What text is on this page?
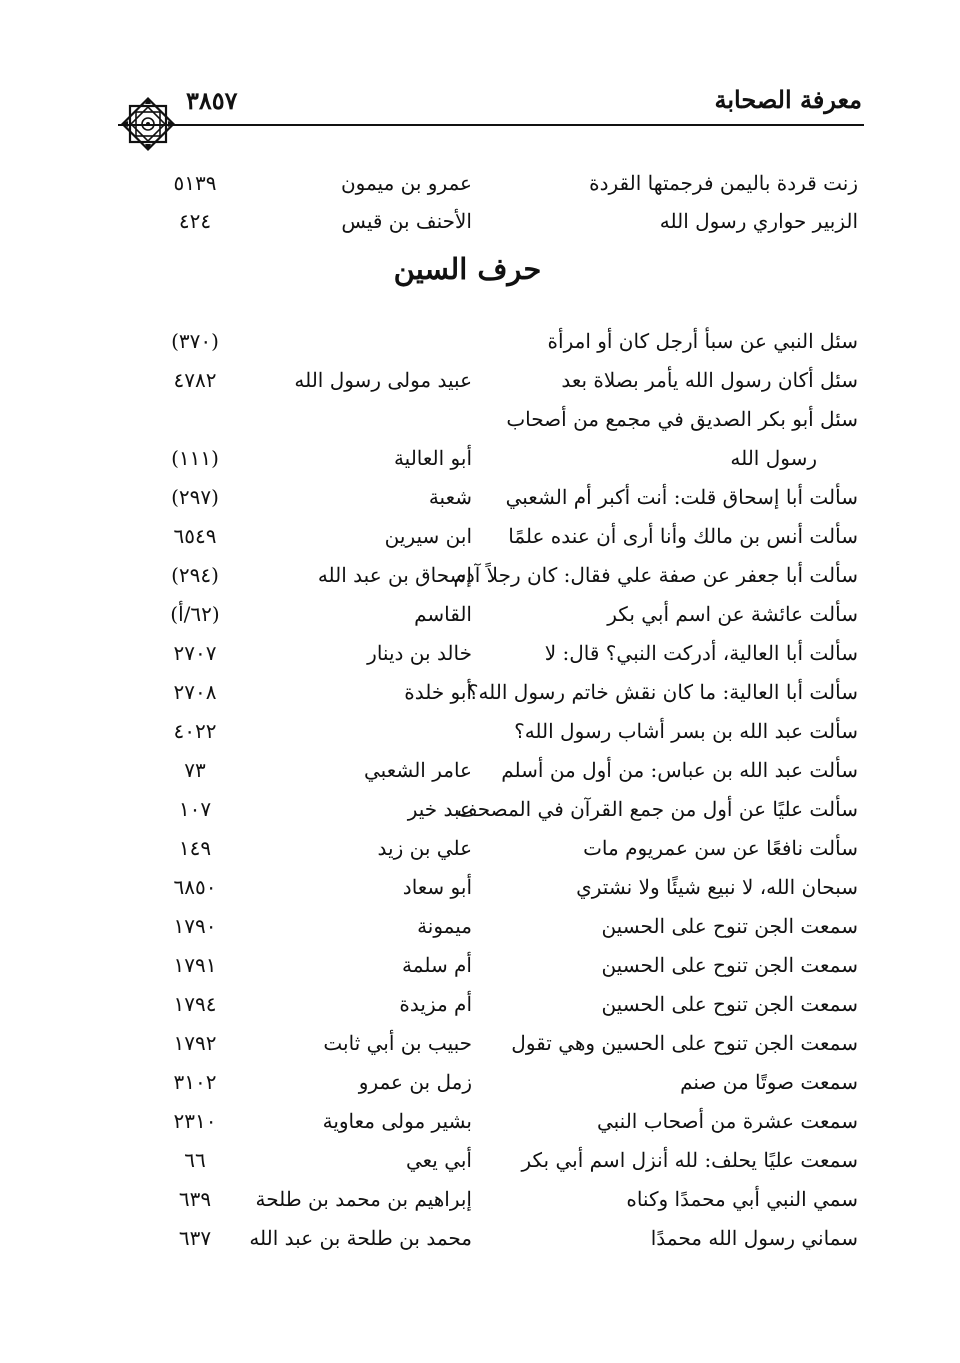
معرفة الصحابة
٣٨٥٧
زنت قردة باليمن فرجمتها القردة
عمرو بن ميمون
٥١٣٩
الزبير حواري رسول الله
الأحنف بن قيس
٤٢٤
حرف السين
سئل النبي عن سبأ أرجل كان أو امرأة
(٣٧٠)
سئل أكان رسول الله يأمر بصلاة بعد
عبيد مولى رسول الله
٤٧٨٢
سئل أبو بكر الصديق في مجمع من أصحاب
رسول الله
أبو العالية
(١١١)
سألت أبا إسحاق قلت: أنت أكبر أم الشعبي
شعبة
(٢٩٧)
سألت أنس بن مالك وأنا أرى أن عنده علمًا
ابن سيرين
٦٥٤٩
سألت أبا جعفر عن صفة علي فقال: كان رجلاً آدم
إسحاق بن عبد الله
(٢٩٤)
سألت عائشة عن اسم أبي بكر
القاسم
(٦٢/أ)
سألت أبا العالية، أدركت النبي؟ قال: لا
خالد بن دينار
٢٧٠٧
سألت أبا العالية: ما كان نقش خاتم رسول الله؟
أبو خلدة
٢٧٠٨
سألت عبد الله بن بسر أشاب رسول الله؟
٤٠٢٢
سألت عبد الله بن عباس: من أول من أسلم
عامر الشعبي
٧٣
سألت عليًا عن أول من جمع القرآن في المصحف
عبد خير
١٠٧
سألت نافعًا عن سن عمريوم مات
علي بن زيد
١٤٩
سبحان الله، لا نبيع شيئًا ولا نشتري
أبو سعاد
٦٨٥٠
سمعت الجن تنوح على الحسين
ميمونة
١٧٩٠
سمعت الجن تنوح على الحسين
أم سلمة
١٧٩١
سمعت الجن تنوح على الحسين
أم مزيدة
١٧٩٤
سمعت الجن تنوح على الحسين وهي تقول
حبيب بن أبي ثابت
١٧٩٢
سمعت صوتًا من صنم
زمل بن عمرو
٣١٠٢
سمعت عشرة من أصحاب النبي
بشير مولى معاوية
٢٣١٠
سمعت عليًا يحلف: لله أنزل اسم أبي بكر
أبي يعي
٦٦
سمي النبي أبي محمدًا وكناه
إبراهيم بن محمد بن طلحة
٦٣٩
سماني رسول الله محمدًا
محمد بن طلحة بن عبد الله
٦٣٧
